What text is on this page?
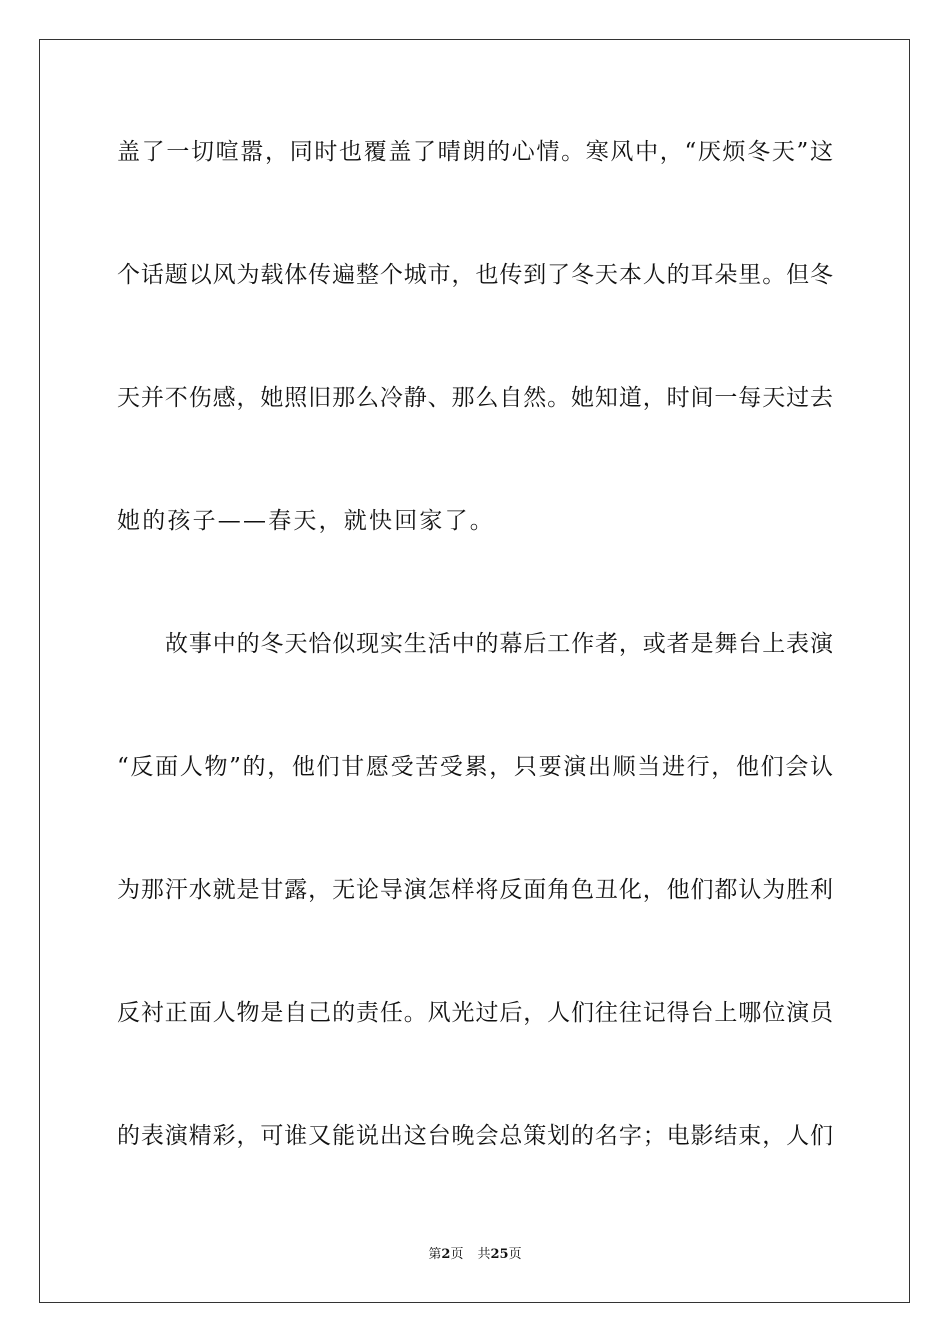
盖了一切喧嚣，同时也覆盖了晴朗的心情。寒风中，“厌烦冬天”这
个话题以风为载体传遍整个城市，也传到了冬天本人的耳朵里。但冬
天并不伤感，她照旧那么冷静、那么自然。她知道，时间一每天过去
她的孩子——春天，就快回家了。
故事中的冬天恰似现实生活中的幕后工作者，或者是舞台上表演
“反面人物”的，他们甘愿受苦受累，只要演出顺当进行，他们会认
为那汗水就是甘露，无论导演怎样将反面角色丑化，他们都认为胜利
反衬正面人物是自己的责任。风光过后，人们往往记得台上哪位演员
的表演精彩，可谁又能说出这台晚会总策划的名字；电影结束，人们
第2页 共25页
